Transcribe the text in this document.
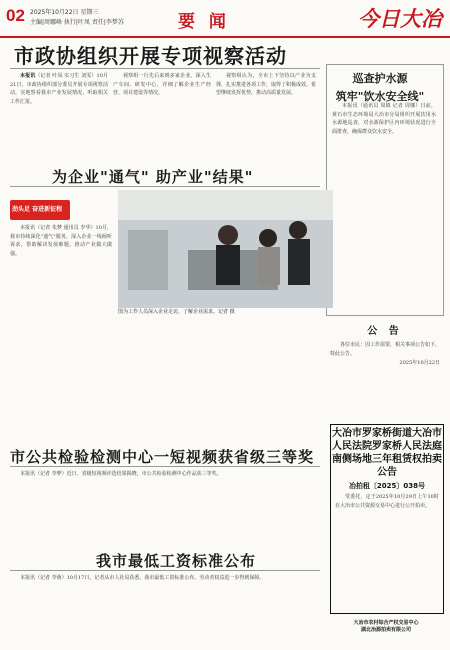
02 2025年10月22日 星期三
主编|周娜峰 执行|叶凤 责任|李梦苏	要 闻	今日大冶
市政协组织开展专项视察活动

本报讯（记者 叶凤 实习生 刘雯）10月21日，市政协组织部分委员开展专项视察活动，实地察看我市产业发展情况，听取相关工作汇报。

视察组一行先后来到多家企业，深入生产车间、研发中心，详细了解企业生产经营、项目建设等情况。

视察组认为，全市上下坚持以产业为支撑，扎实推进各项工作，取得了积极成效。希望继续发挥优势，推动高质量发展。

巡查护水源
筑牢"饮水安全线"

本报讯（通讯员 周镇 记者 周娜）日前，黄石市生态环境局大冶市分局组织开展饮用水水源地巡查，对水源保护区内环境状况进行全面排查，确保群众饮水安全。

为企业"通气" 助产业"结果"
劲头足 奋进新征程

本报讯（记者 朱梦 通讯员 李华）10月，我市持续深化"通气"服务，深入企业一线倾听诉求，帮助解决发展难题，推动产业做大做强。

图为工作人员深入企业走访，了解企业需求。记者 摄
市公共检验检测中心一短视频获省级三等奖

本报讯（记者 李梦）近日，省级短视频评选结果揭晓，市公共检验检测中心作品获三等奖。

我市最低工资标准公布

本报讯（记者 李萌）10月17日，记者从市人社局获悉，我市最低工资标准公布，劳动者权益进一步得到保障。

公 告

各位市民：因工作需要，相关事项公告如下，特此公告。

2025年10月22日

大冶市罗家桥街道大冶市人民法院罗家桥人民法庭南侧场地三年租赁权拍卖公告
冶拍租〔2025〕038号

受委托，定于2025年10月29日上午10时在大冶市公共资源交易中心进行公开拍卖。

大冶市农村综合产权交易中心
湖北冶源拍卖有限公司
